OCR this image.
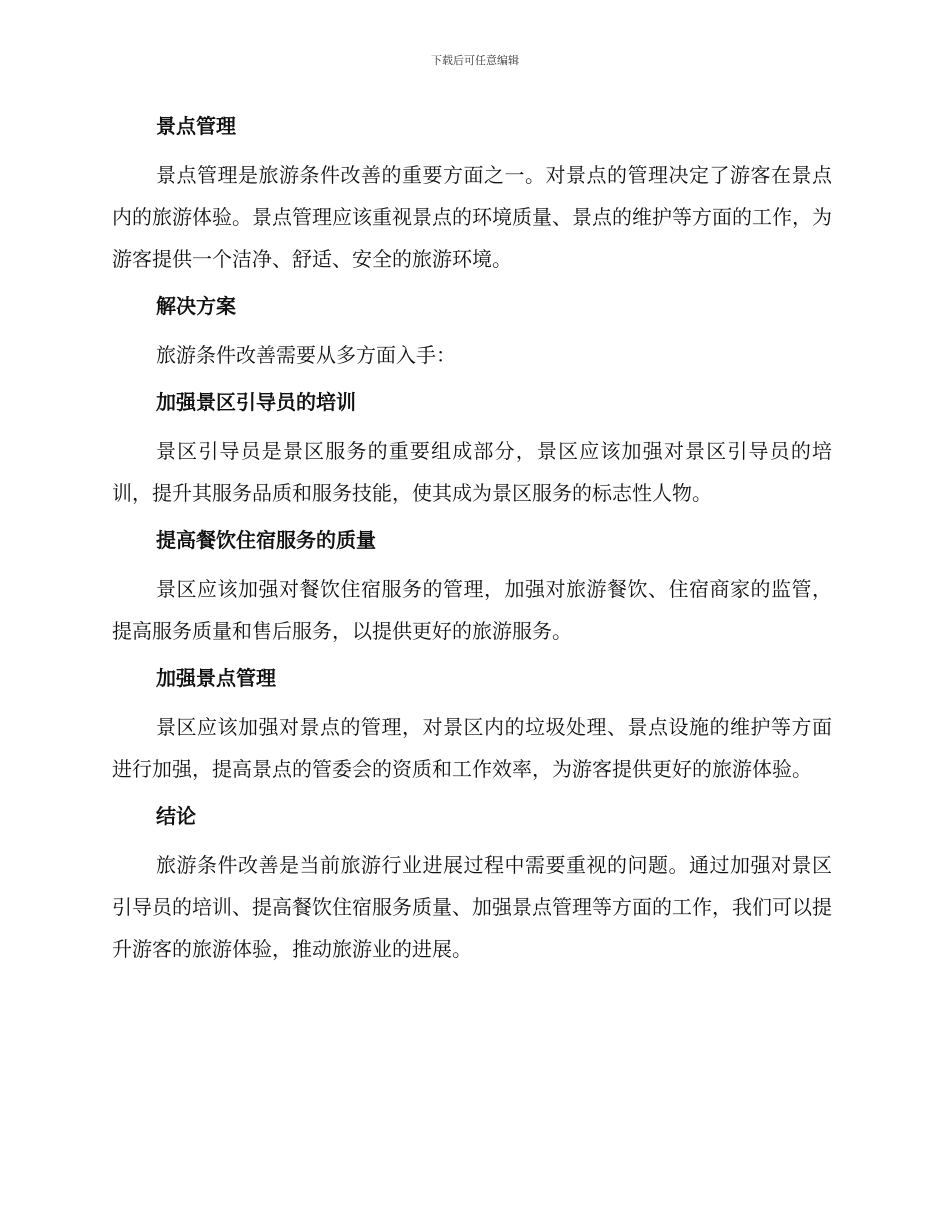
下载后可任意编辑
景点管理

景点管理是旅游条件改善的重要方面之一。对景点的管理决定了游客在景点内的旅游体验。景点管理应该重视景点的环境质量、景点的维护等方面的工作，为游客提供一个洁净、舒适、安全的旅游环境。

解决方案

旅游条件改善需要从多方面入手：

加强景区引导员的培训

景区引导员是景区服务的重要组成部分，景区应该加强对景区引导员的培训，提升其服务品质和服务技能，使其成为景区服务的标志性人物。

提高餐饮住宿服务的质量

景区应该加强对餐饮住宿服务的管理，加强对旅游餐饮、住宿商家的监管，提高服务质量和售后服务，以提供更好的旅游服务。

加强景点管理

景区应该加强对景点的管理，对景区内的垃圾处理、景点设施的维护等方面进行加强，提高景点的管委会的资质和工作效率，为游客提供更好的旅游体验。

结论

旅游条件改善是当前旅游行业进展过程中需要重视的问题。通过加强对景区引导员的培训、提高餐饮住宿服务质量、加强景点管理等方面的工作，我们可以提升游客的旅游体验，推动旅游业的进展。
